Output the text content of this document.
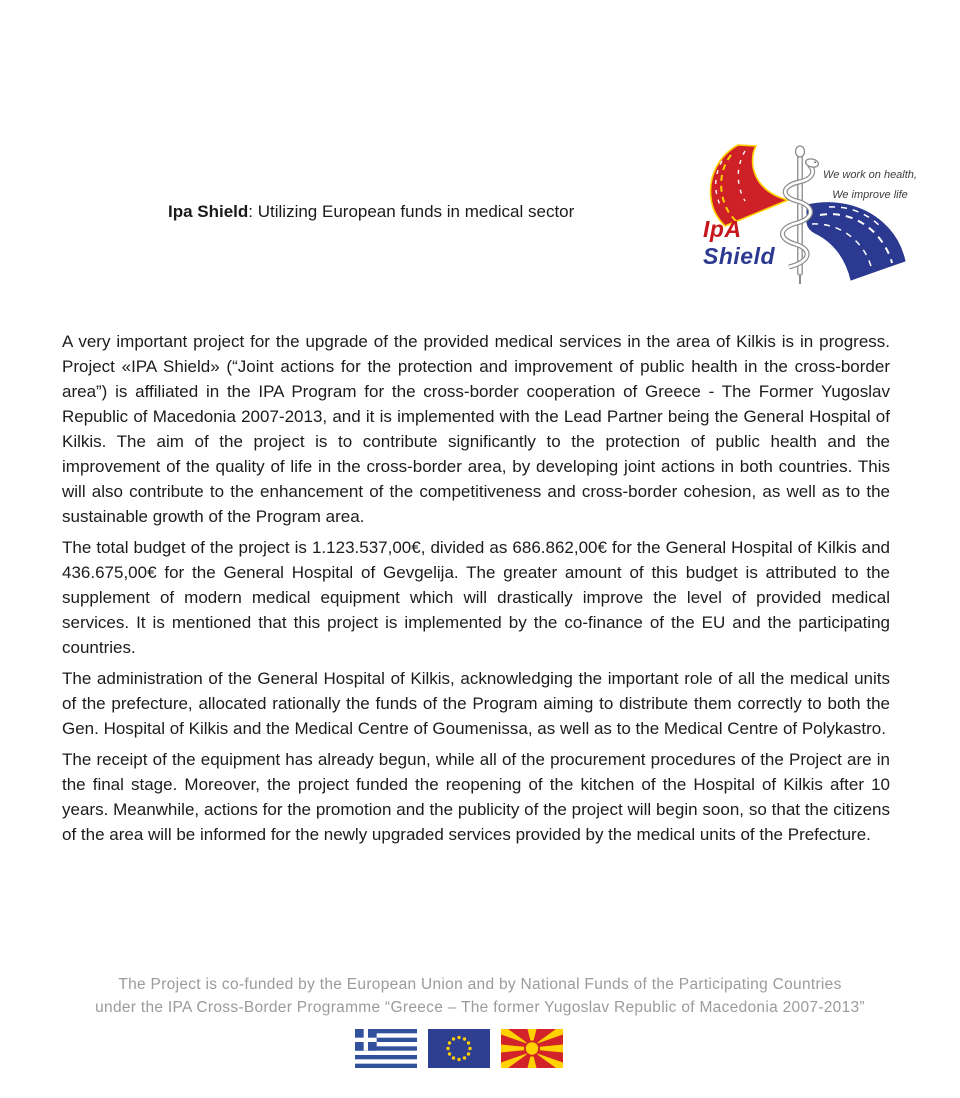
Ipa Shield: Utilizing European funds in medical sector
We work on health,
We improve life
IpA
Shield

A very important project for the upgrade of the provided medical services in the area of Kilkis is in progress. Project «IPA Shield» (“Joint actions for the protection and improvement of public health in the cross-border area”) is affiliated in the IPA Program for the cross-border cooperation of Greece - The Former Yugoslav Republic of Macedonia 2007-2013, and it is implemented with the Lead Partner being the General Hospital of Kilkis. The aim of the project is to contribute significantly to the protection of public health and the improvement of the quality of life in the cross-border area, by developing joint actions in both countries. This will also contribute to the enhancement of the competitiveness and cross-border cohesion, as well as to the sustainable growth of the Program area.

The total budget of the project is 1.123.537,00€, divided as 686.862,00€ for the General Hospital of Kilkis and 436.675,00€ for the General Hospital of Gevgelija. The greater amount of this budget is attributed to the supplement of modern medical equipment which will drastically improve the level of provided medical services. It is mentioned that this project is implemented by the co-finance of the EU and the participating countries.

The administration of the General Hospital of Kilkis, acknowledging the important role of all the medical units of the prefecture, allocated rationally the funds of the Program aiming to distribute them correctly to both the Gen. Hospital of Kilkis and the Medical Centre of Goumenissa, as well as to the Medical Centre of Polykastro.

The receipt of the equipment has already begun, while all of the procurement procedures of the Project are in the final stage. Moreover, the project funded the reopening of the kitchen of the Hospital of Kilkis after 10 years. Meanwhile, actions for the promotion and the publicity of the project will begin soon, so that the citizens of the area will be informed for the newly upgraded services provided by the medical units of the Prefecture.

The Project is co-funded by the European Union and by National Funds of the Participating Countries
under the IPA Cross-Border Programme “Greece – The former Yugoslav Republic of Macedonia 2007-2013”
